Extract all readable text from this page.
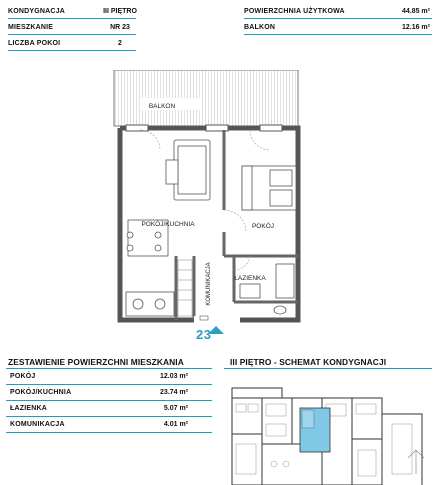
KONDYGNACJA	III PIĘTRO
MIESZKANIE	NR 23
LICZBA POKOI	2
POWIERZCHNIA UŻYTKOWA	44.85 m²
BALKON	12.16 m²
BALKON
POKÓJ/KUCHNIA	POKÓJ
ŁAZIENKA
KOMUNIKACJA
23
ZESTAWIENIE POWIERZCHNI MIESZKANIA
POKÓJ	12.03 m²
POKÓJ/KUCHNIA	23.74 m²
ŁAZIENKA	5.07 m²
KOMUNIKACJA	4.01 m²
III PIĘTRO - SCHEMAT KONDYGNACJI
